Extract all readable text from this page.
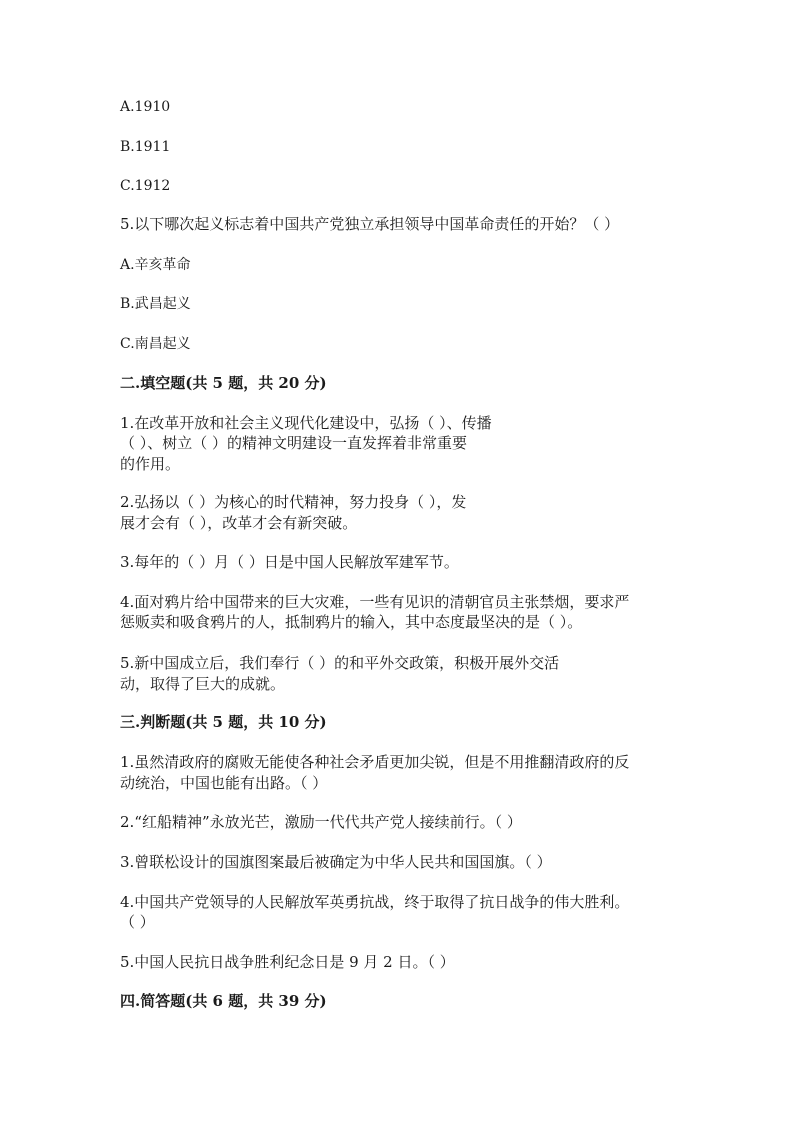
A.1910
B.1911
C.1912
5.以下哪次起义标志着中国共产党独立承担领导中国革命责任的开始？（ ）
A.辛亥革命
B.武昌起义
C.南昌起义
二.填空题(共 5 题，共 20 分)
1.在改革开放和社会主义现代化建设中，弘扬（ ）、传播
（ ）、树立（ ）的精神文明建设一直发挥着非常重要
的作用。
2.弘扬以（ ）为核心的时代精神，努力投身（ ），发
展才会有（ ），改革才会有新突破。
3.每年的（ ）月（ ）日是中国人民解放军建军节。
4.面对鸦片给中国带来的巨大灾难，一些有见识的清朝官员主张禁烟，要求严
惩贩卖和吸食鸦片的人，抵制鸦片的输入，其中态度最坚决的是（ ）。
5.新中国成立后，我们奉行（ ）的和平外交政策，积极开展外交活
动，取得了巨大的成就。
三.判断题(共 5 题，共 10 分)
1.虽然清政府的腐败无能使各种社会矛盾更加尖锐，但是不用推翻清政府的反
动统治，中国也能有出路。（ ）
2.“红船精神”永放光芒，激励一代代共产党人接续前行。（ ）
3.曾联松设计的国旗图案最后被确定为中华人民共和国国旗。（ ）
4.中国共产党领导的人民解放军英勇抗战，终于取得了抗日战争的伟大胜利。
（ ）
5.中国人民抗日战争胜利纪念日是 9 月 2 日。（ ）
四.简答题(共 6 题，共 39 分)
